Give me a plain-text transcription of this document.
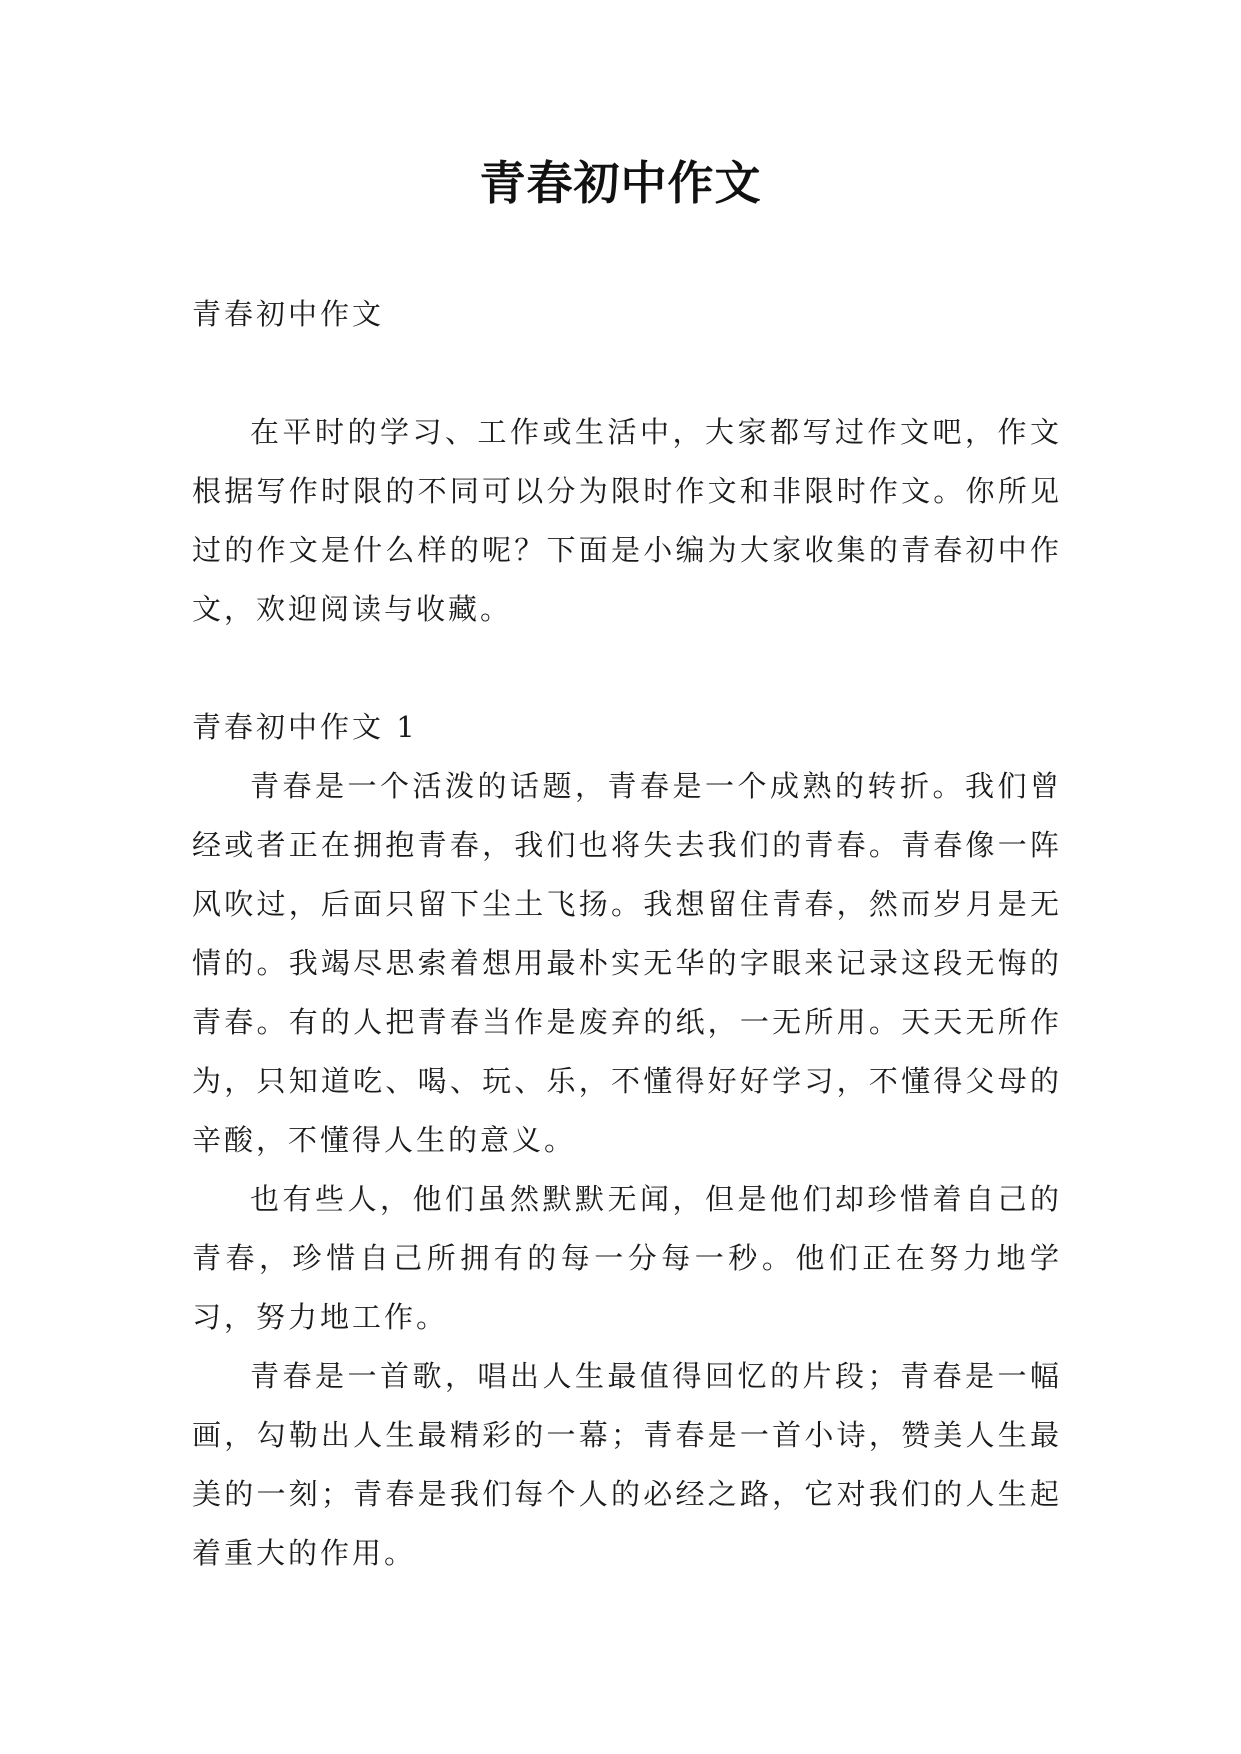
青春初中作文

青春初中作文

在平时的学习、工作或生活中，大家都写过作文吧，作文根据写作时限的不同可以分为限时作文和非限时作文。你所见过的作文是什么样的呢？下面是小编为大家收集的青春初中作文，欢迎阅读与收藏。

青春初中作文 1

青春是一个活泼的话题，青春是一个成熟的转折。我们曾经或者正在拥抱青春，我们也将失去我们的青春。青春像一阵风吹过，后面只留下尘土飞扬。我想留住青春，然而岁月是无情的。我竭尽思索着想用最朴实无华的字眼来记录这段无悔的青春。有的人把青春当作是废弃的纸，一无所用。天天无所作为，只知道吃、喝、玩、乐，不懂得好好学习，不懂得父母的辛酸，不懂得人生的意义。

也有些人，他们虽然默默无闻，但是他们却珍惜着自己的青春，珍惜自己所拥有的每一分每一秒。他们正在努力地学习，努力地工作。

青春是一首歌，唱出人生最值得回忆的片段；青春是一幅画，勾勒出人生最精彩的一幕；青春是一首小诗，赞美人生最美的一刻；青春是我们每个人的必经之路，它对我们的人生起着重大的作用。
